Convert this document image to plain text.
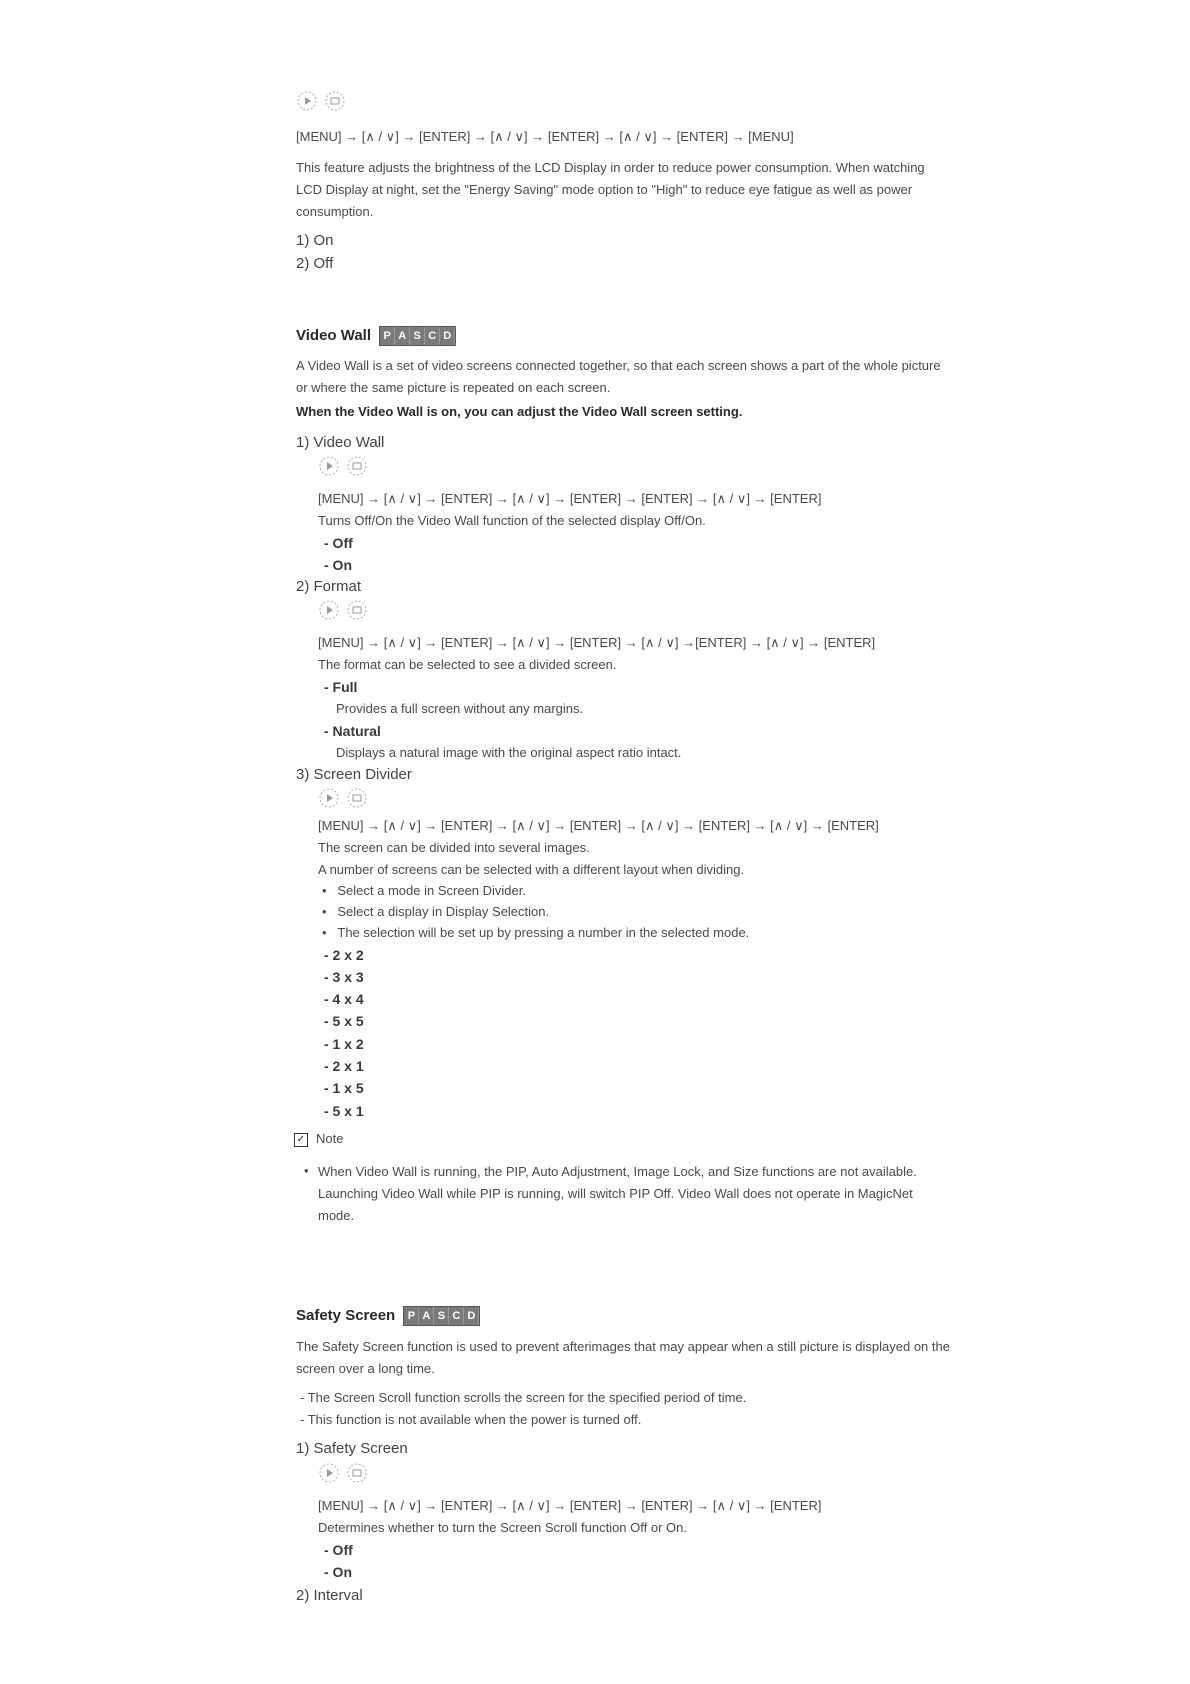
[MENU] → [∧ / ∨] → [ENTER] → [∧ / ∨] → [ENTER] → [∧ / ∨] → [ENTER] → [MENU]
This feature adjusts the brightness of the LCD Display in order to reduce power consumption. When watching LCD Display at night, set the "Energy Saving" mode option to "High" to reduce eye fatigue as well as power consumption.
1) On
2) Off
Video Wall	P A S C D
A Video Wall is a set of video screens connected together, so that each screen shows a part of the whole picture or where the same picture is repeated on each screen.
When the Video Wall is on, you can adjust the Video Wall screen setting.
1) Video Wall
[MENU] → [∧ / ∨] → [ENTER] → [∧ / ∨] → [ENTER] → [ENTER] → [∧ / ∨] → [ENTER]
Turns Off/On the Video Wall function of the selected display Off/On.
- Off
- On
2) Format
[MENU] → [∧ / ∨] → [ENTER] → [∧ / ∨] → [ENTER] → [∧ / ∨] →[ENTER] → [∧ / ∨] → [ENTER]
The format can be selected to see a divided screen.
- Full
Provides a full screen without any margins.
- Natural
Displays a natural image with the original aspect ratio intact.
3) Screen Divider
[MENU] → [∧ / ∨] → [ENTER] → [∧ / ∨] → [ENTER] → [∧ / ∨] → [ENTER] → [∧ / ∨] → [ENTER]
The screen can be divided into several images.
A number of screens can be selected with a different layout when dividing.
•   Select a mode in Screen Divider.
•   Select a display in Display Selection.
•   The selection will be set up by pressing a number in the selected mode.
- 2 x 2
- 3 x 3
- 4 x 4
- 5 x 5
- 1 x 2
- 2 x 1
- 1 x 5
- 5 x 1
✓ Note
• When Video Wall is running, the PIP, Auto Adjustment, Image Lock, and Size functions are not available. Launching Video Wall while PIP is running, will switch PIP Off. Video Wall does not operate in MagicNet mode.
Safety Screen	P A S C D
The Safety Screen function is used to prevent afterimages that may appear when a still picture is displayed on the screen over a long time.
- The Screen Scroll function scrolls the screen for the specified period of time.
- This function is not available when the power is turned off.
1) Safety Screen
[MENU] → [∧ / ∨] → [ENTER] → [∧ / ∨] → [ENTER] → [ENTER] → [∧ / ∨] → [ENTER]
Determines whether to turn the Screen Scroll function Off or On.
- Off
- On
2) Interval
